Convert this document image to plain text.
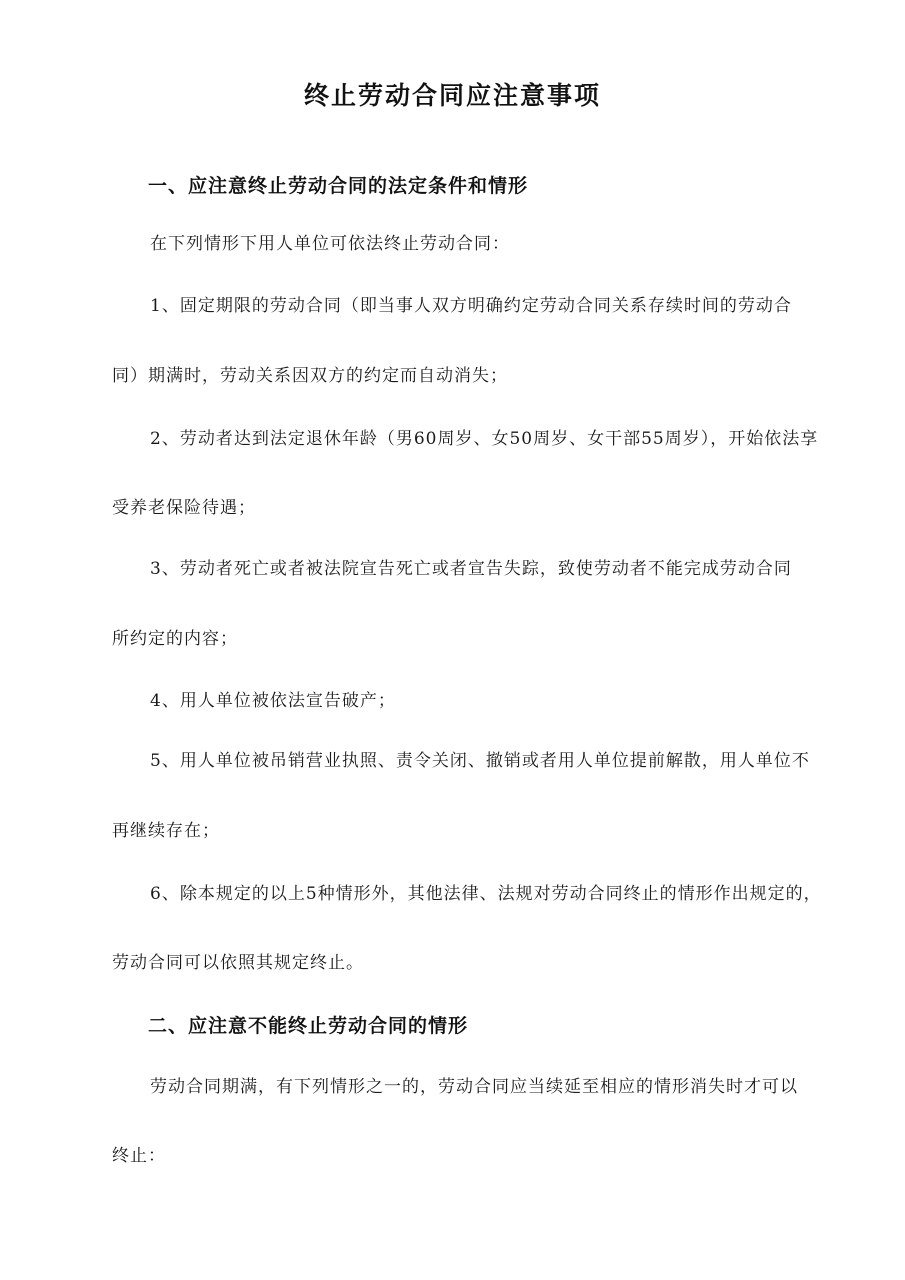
终止劳动合同应注意事项
一、应注意终止劳动合同的法定条件和情形
在下列情形下用人单位可依法终止劳动合同：
1、固定期限的劳动合同（即当事人双方明确约定劳动合同关系存续时间的劳动合
同）期满时，劳动关系因双方的约定而自动消失；
2、劳动者达到法定退休年龄（男60周岁、女50周岁、女干部55周岁），开始依法享
受养老保险待遇；
3、劳动者死亡或者被法院宣告死亡或者宣告失踪，致使劳动者不能完成劳动合同
所约定的内容；
4、用人单位被依法宣告破产；
5、用人单位被吊销营业执照、责令关闭、撤销或者用人单位提前解散，用人单位不
再继续存在；
6、除本规定的以上5种情形外，其他法律、法规对劳动合同终止的情形作出规定的，
劳动合同可以依照其规定终止。
二、应注意不能终止劳动合同的情形
劳动合同期满，有下列情形之一的，劳动合同应当续延至相应的情形消失时才可以
终止：
